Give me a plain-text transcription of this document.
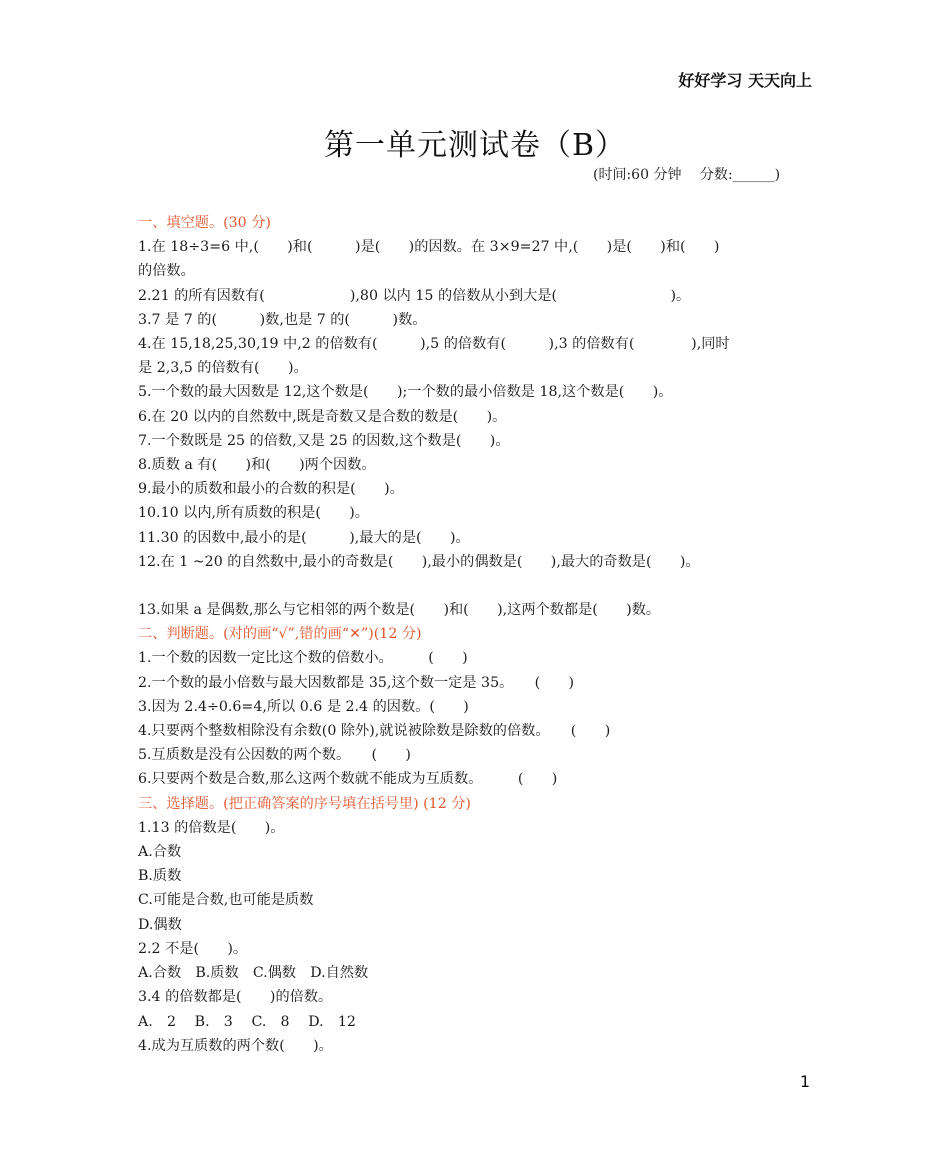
好好学习 天天向上
第一单元测试卷（B）
(时间:60 分钟　 分数:______)
一、填空题。(30 分)
1.在 18÷3=6 中,(　　)和(　　　)是(　　)的因数。在 3×9=27 中,(　　)是(　　)和(　　)
的倍数。
2.21 的所有因数有(　　　　　　),80 以内 15 的倍数从小到大是(　　　　　　　　)。
3.7 是 7 的(　　　)数,也是 7 的(　　　)数。
4.在 15,18,25,30,19 中,2 的倍数有(　　　),5 的倍数有(　　　),3 的倍数有(　　　　),同时
是 2,3,5 的倍数有(　　)。
5.一个数的最大因数是 12,这个数是(　　);一个数的最小倍数是 18,这个数是(　　)。
6.在 20 以内的自然数中,既是奇数又是合数的数是(　　)。
7.一个数既是 25 的倍数,又是 25 的因数,这个数是(　　)。
8.质数 a 有(　　)和(　　)两个因数。
9.最小的质数和最小的合数的积是(　　)。
10.10 以内,所有质数的积是(　　)。
11.30 的因数中,最小的是(　　　),最大的是(　　)。
12.在 1 ~20 的自然数中,最小的奇数是(　　),最小的偶数是(　　),最大的奇数是(　　)。
13.如果 a 是偶数,那么与它相邻的两个数是(　　)和(　　),这两个数都是(　　)数。
二、判断题。(对的画“√”,错的画“✕”)(12 分)
1.一个数的因数一定比这个数的倍数小。　　　(　　)
2.一个数的最小倍数与最大因数都是 35,这个数一定是 35。　　(　　)
3.因为 2.4÷0.6=4,所以 0.6 是 2.4 的因数。(　　)
4.只要两个整数相除没有余数(0 除外),就说被除数是除数的倍数。　　(　　)
5.互质数是没有公因数的两个数。　　(　　)
6.只要两个数是合数,那么这两个数就不能成为互质数。　　　(　　)
三、选择题。(把正确答案的序号填在括号里) (12 分)
1.13 的倍数是(　　)。
A.合数
B.质数
C.可能是合数,也可能是质数
D.偶数
2.2 不是(　　)。
A.合数　B.质数　C.偶数　D.自然数
3.4 的倍数都是(　　)的倍数。
A.　2　 B.　3　 C.　8　 D.　12
4.成为互质数的两个数(　　)。
1
